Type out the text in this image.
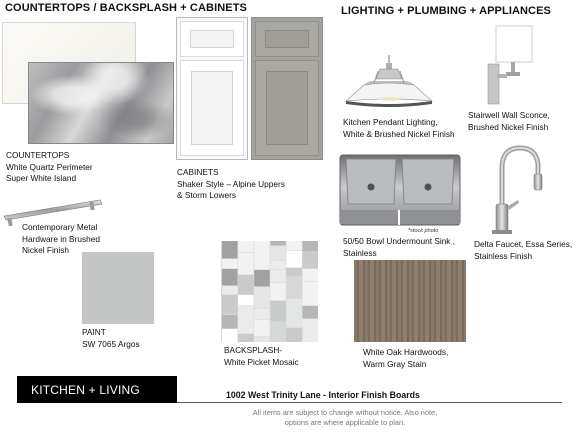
COUNTERTOPS / BACKSPLASH + CABINETS	LIGHTING + PLUMBING + APPLIANCES
COUNTERTOPS
White Quartz Perimeter
Super White Island
Contemporary Metal
Hardware in Brushed
Nickel Finish
PAINT
SW 7065 Argos
CABINETS
Shaker Style – Alpine Uppers
& Storm Lowers
BACKSPLASH-
White Picket Mosaic
Kitchen Pendant Lighting,
White & Brushed Nickel Finish
Stairwell Wall Sconce,
Brushed Nickel Finish
*stock photo
50/50 Bowl Undermount Sink ,
Stainless
Delta Faucet, Essa Series,
Stainless Finish
White Oak Hardwoods,
Warm Gray Stain
KITCHEN + LIVING	1002 West Trinity Lane - Interior Finish Boards
All items are subject to change without notice. Also note,
options are where applicable to plan.
